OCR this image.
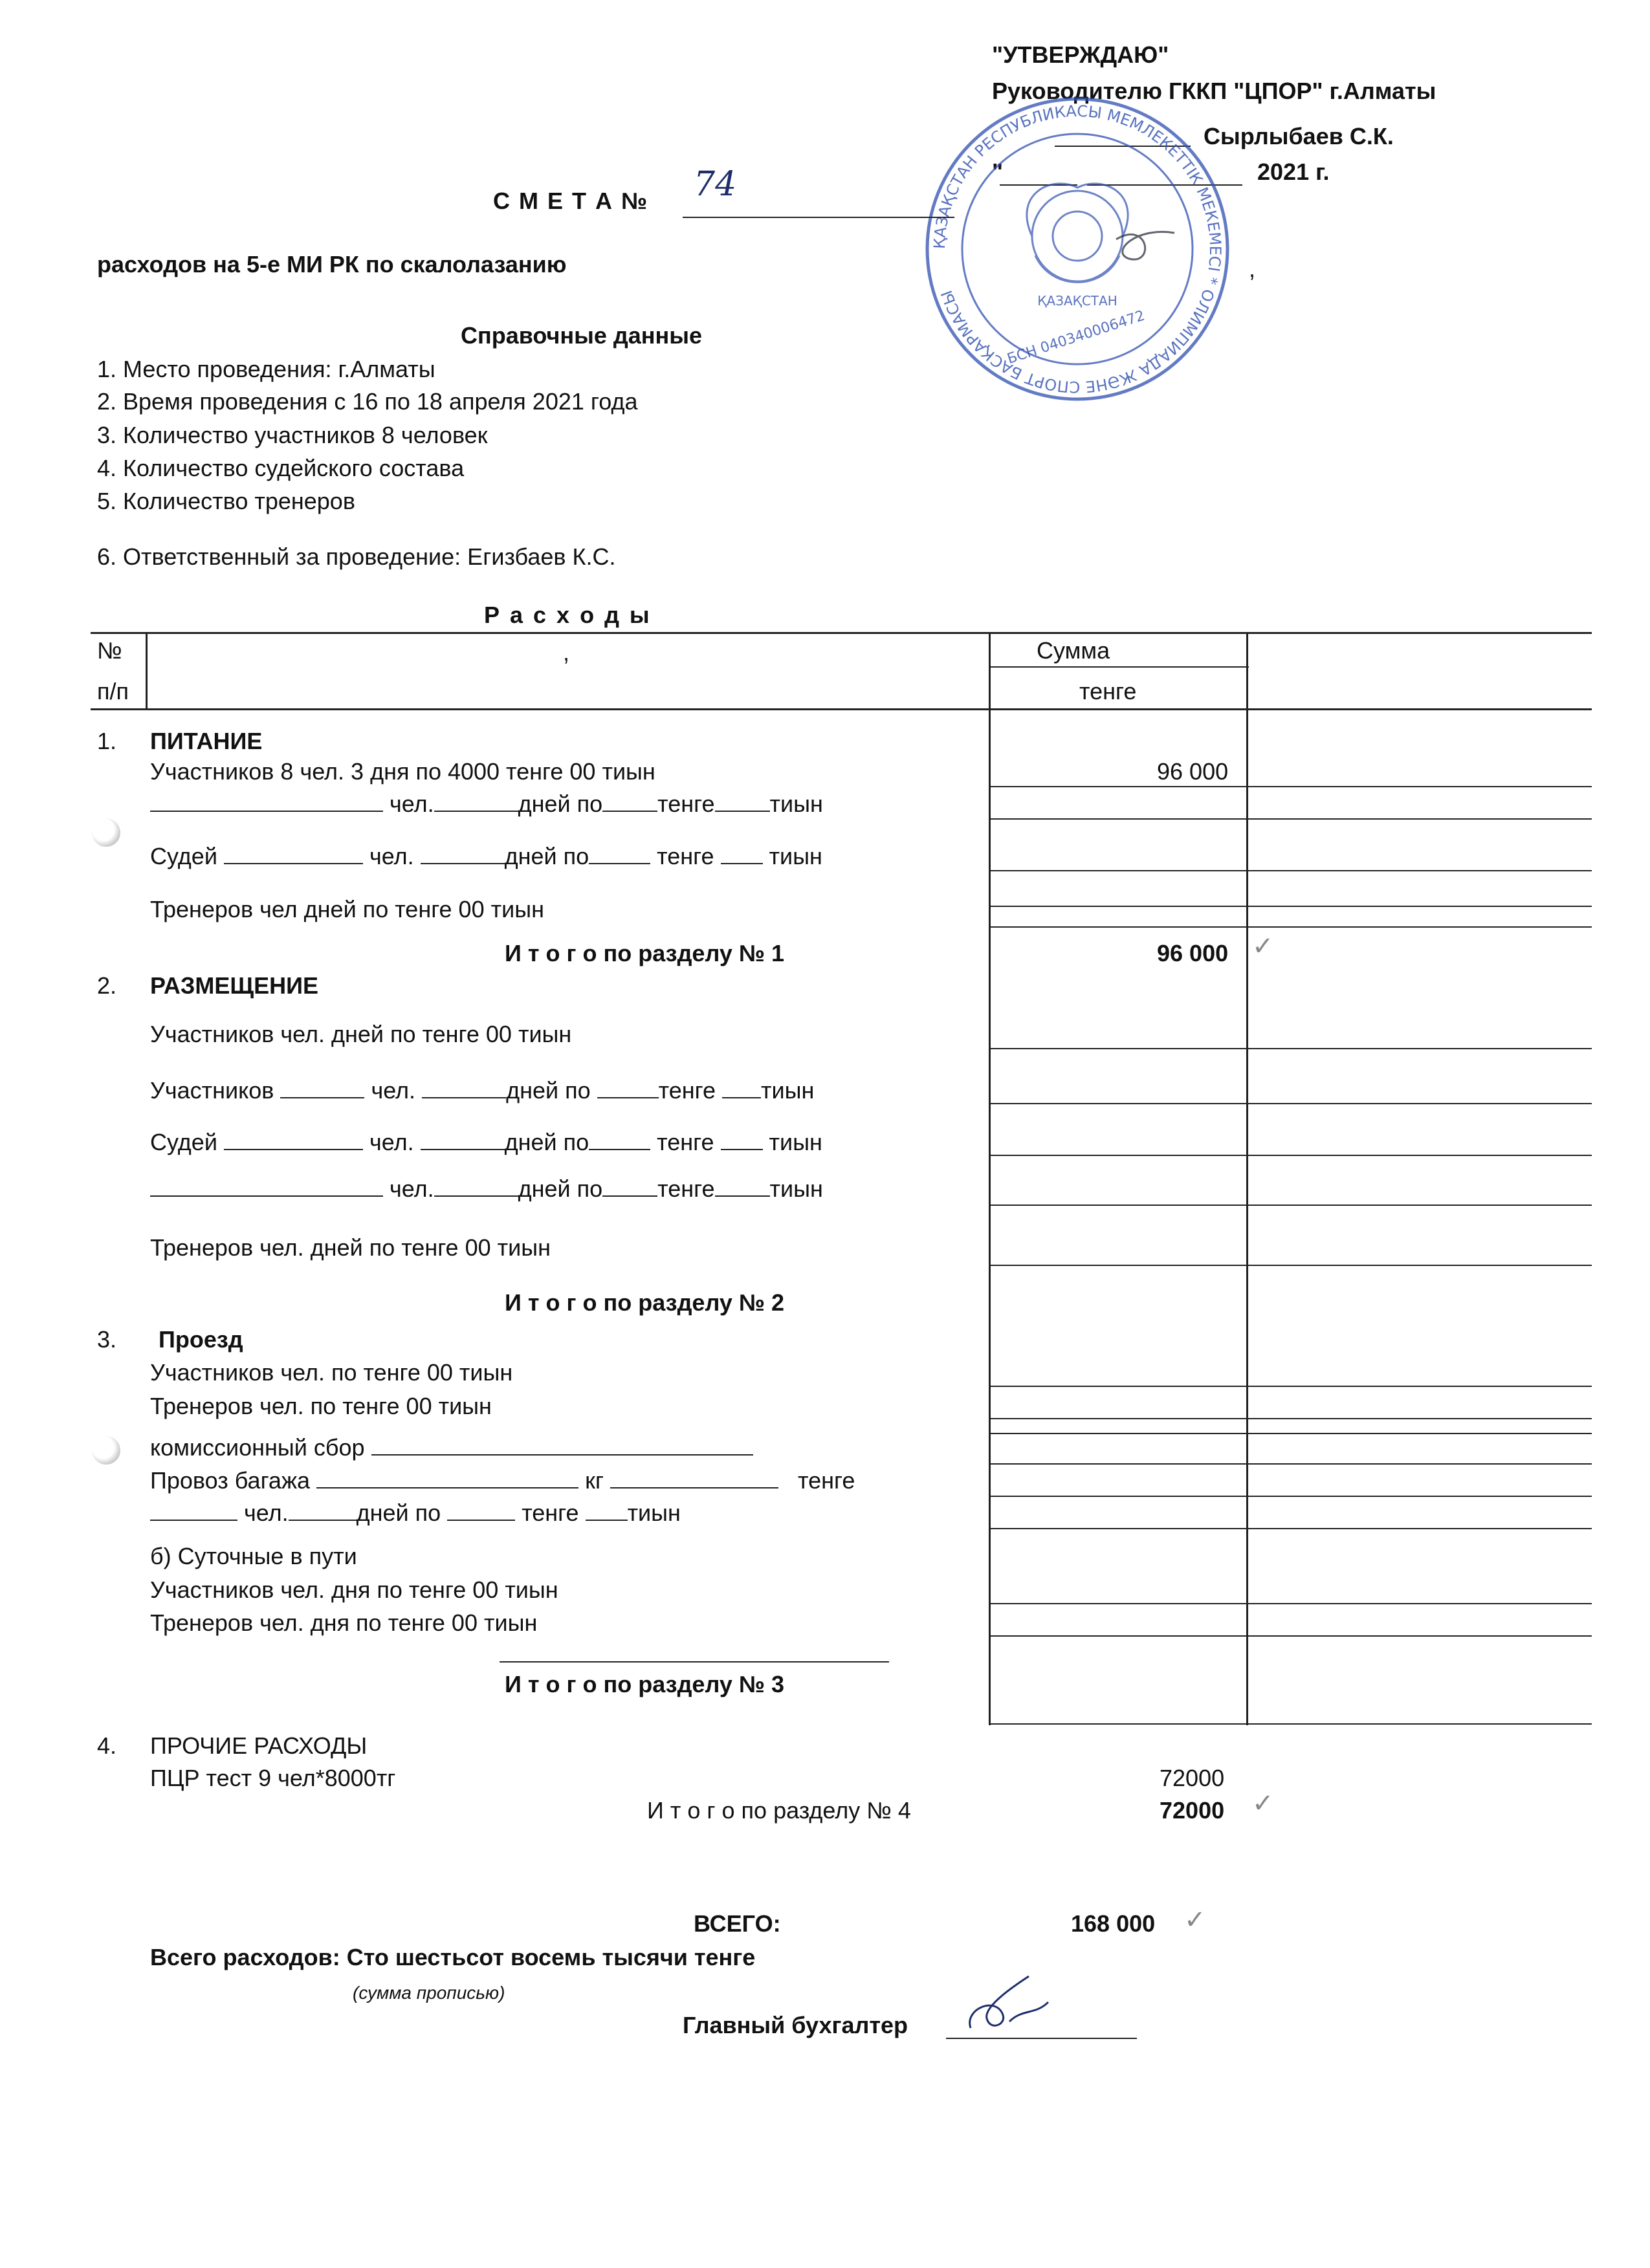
"УТВЕРЖДАЮ"
Руководителю ГККП "ЦПОР" г.Алматы
Сырлыбаев С.К.
"	2021 г.
ҚАЗАҚСТАН РЕСПУБЛИКАСЫ МЕМЛЕКЕТТІК МЕКЕМЕСІ * ОЛИМПИАДА ЖӘНЕ СПОРТ БАСҚАРМАСЫ	ҚАЗАҚСТАН
БСН 040340006472
,
С М Е Т А № 74
расходов на 5-е МИ РК по скалолазанию
Справочные данные
1. Место проведения: г.Алматы
2. Время проведения с 16 по 18 апреля 2021 года
3. Количество участников 8 человек
4. Количество судейского состава
5. Количество тренеров
6. Ответственный за проведение: Егизбаев К.С.
Р а с х о д ы
№
п/п
,	Сумма
тенге
1. ПИТАНИЕ
Участников 8 чел. 3 дня по 4000 тенге 00 тиын	96 000
чел.	дней по тенге тиын
Судей	чел.	дней по	тенге тиын
Тренеров чел дней по тенге 00 тиын
И т о г о по разделу № 1	96 000 ✓
2. РАЗМЕЩЕНИЕ
Участников чел. дней по тенге 00 тиын
Участников	чел.	дней по	тенге тиын
Судей	чел.	дней по	тенге тиын
чел.	дней по тенге тиын
Тренеров чел. дней по тенге 00 тиын
И т о г о по разделу № 2
3. Проезд
Участников чел. по тенге 00 тиын
Тренеров чел. по тенге 00 тиын
комиссионный сбор
Провоз багажа	кг	тенге
чел.	дней по	тенге тиын
б) Суточные в пути
Участников чел. дня по тенге 00 тиын
Тренеров чел. дня по тенге 00 тиын
И т о г о по разделу № 3
4. ПРОЧИЕ РАСХОДЫ
ПЦР тест 9 чел*8000тг	72000
И т о г о по разделу № 4	72000 ✓
ВСЕГО:	168 000 ✓
Всего расходов: Сто шестьсот восемь тысячи тенге
(сумма прописью)
Главный бухгалтер
